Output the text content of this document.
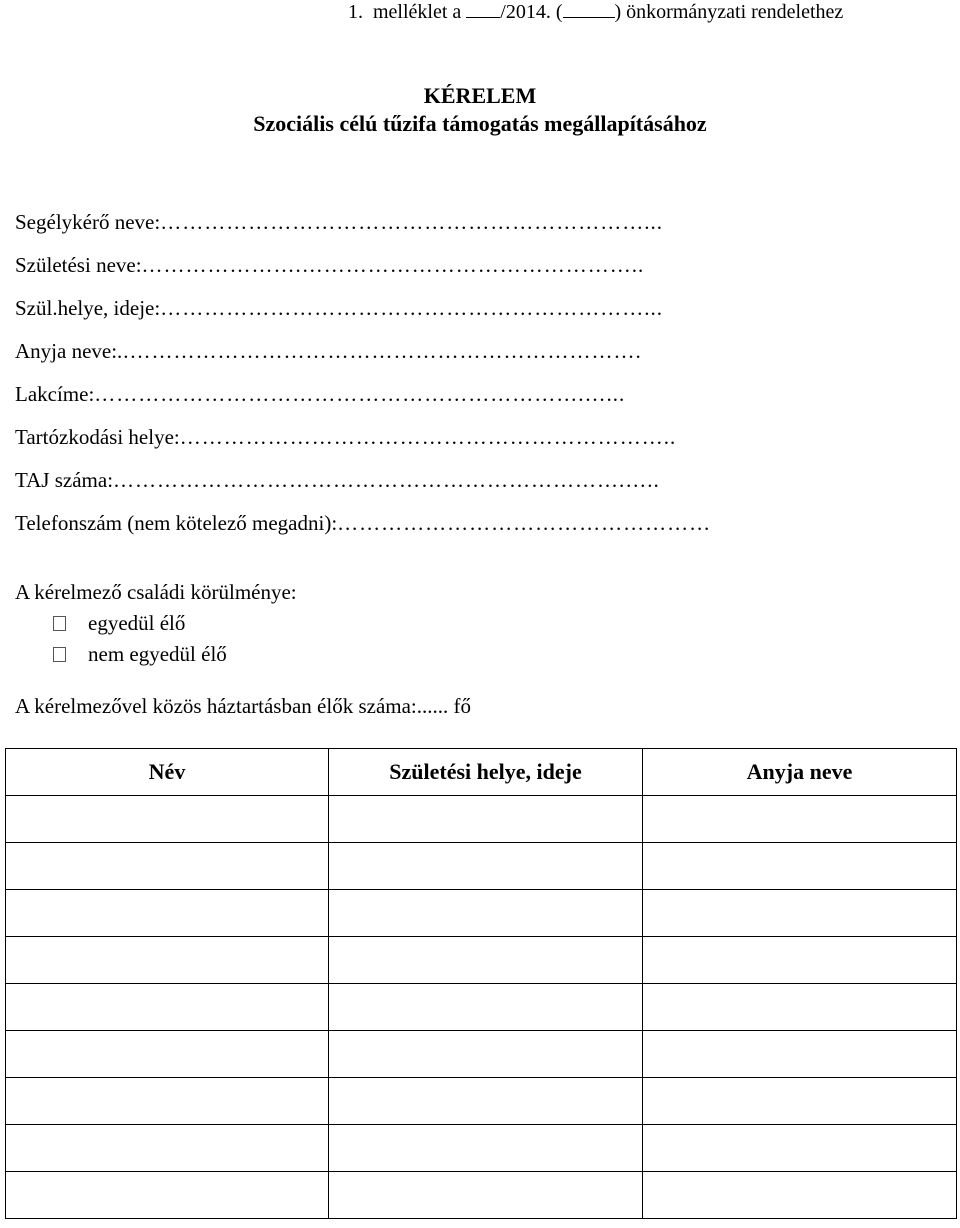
1. melléklet a /2014. (	) önkormányzati rendelethez
KÉRELEM
Szociális célú tűzifa támogatás megállapításához
Segélykérő neve:…………………………………………………………...
Születési neve:………………….………………………………………..
Szül.helye, ideje:…………………………………………………………...
Anyja neve:..…………………………………………………………….
Lakcíme:………………………………………………………….…...
Tartózkodási helye:…………………………………………………………..
TAJ száma:…………………………………………………………….…..
Telefonszám (nem kötelező megadni):……………………………………………
A kérelmező családi körülménye:
egyedül élő
nem egyedül élő
A kérelmezővel közös háztartásban élők száma:...... fő
Név	Születési helye, ideje	Anyja neve
